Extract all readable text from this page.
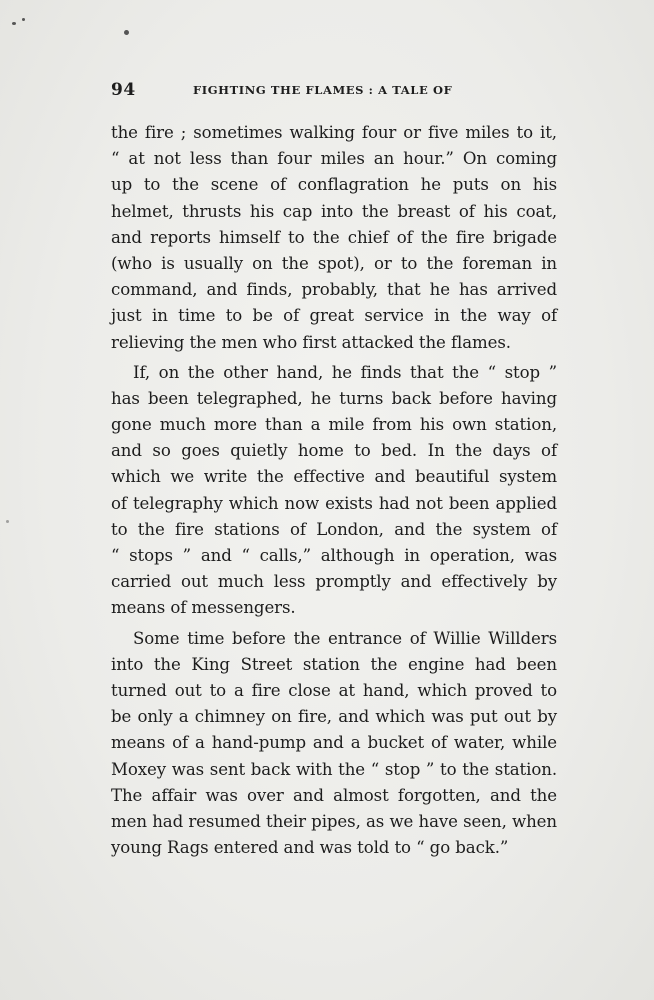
94	FIGHTING THE FLAMES : A TALE OF
the fire ; sometimes walking four or five miles to it,
“ at not less than four miles an hour.” On coming
up to the scene of conflagration he puts on his
helmet, thrusts his cap into the breast of his coat,
and reports himself to the chief of the fire brigade
(who is usually on the spot), or to the foreman in
command, and finds, probably, that he has arrived
just in time to be of great service in the way of
relieving the men who first attacked the flames.
If, on the other hand, he finds that the “ stop ”
has been telegraphed, he turns back before having
gone much more than a mile from his own station,
and so goes quietly home to bed. In the days of
which we write the effective and beautiful system
of telegraphy which now exists had not been applied
to the fire stations of London, and the system of
“ stops ” and “ calls,” although in operation, was
carried out much less promptly and effectively by
means of messengers.
Some time before the entrance of Willie Willders
into the King Street station the engine had been
turned out to a fire close at hand, which proved to
be only a chimney on fire, and which was put out by
means of a hand-pump and a bucket of water, while
Moxey was sent back with the “ stop ” to the station.
The affair was over and almost forgotten, and the
men had resumed their pipes, as we have seen, when
young Rags entered and was told to “ go back.”
